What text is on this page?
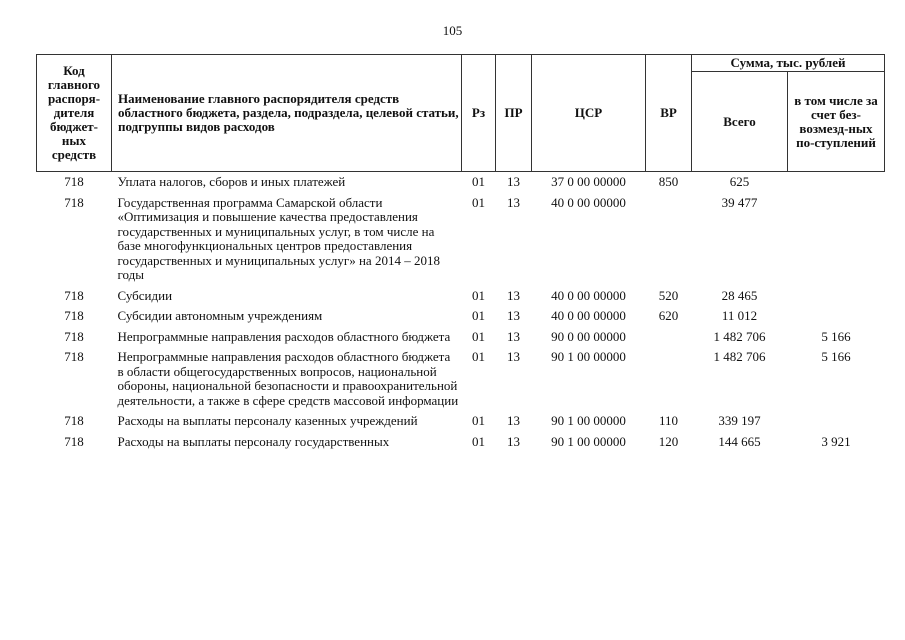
105
Код главного распоря-дителя бюджет-ных средств	Наименование главного распорядителя средств областного бюджета, раздела, подраздела, целевой статьи, подгруппы видов расходов	Рз	ПР	ЦСР	ВР	Сумма, тыс. рублей	
						Всего	в том числе за счет без-возмезд-ных по-ступлений
718	Уплата налогов, сборов и иных платежей	01	13	37 0 00 00000	850	625	
718	Государственная программа Самарской области «Оптимизация и повышение качества предоставления государственных и муниципальных услуг, в том числе на базе многофункциональных центров предоставления государственных и муниципальных услуг» на 2014 – 2018 годы	01	13	40 0 00 00000		39 477	
718	Субсидии	01	13	40 0 00 00000	520	28 465	
718	Субсидии автономным учреждениям	01	13	40 0 00 00000	620	11 012	
718	Непрограммные направления расходов областного бюджета	01	13	90 0 00 00000		1 482 706	5 166
718	Непрограммные направления расходов областного бюджета в области общегосударственных вопросов, национальной обороны, национальной безопасности и правоохранительной деятельности, а также в сфере средств массовой информации	01	13	90 1 00 00000		1 482 706	5 166
718	Расходы на выплаты персоналу казенных учреждений	01	13	90 1 00 00000	110	339 197	
718	Расходы на выплаты персоналу государственных	01	13	90 1 00 00000	120	144 665	3 921
